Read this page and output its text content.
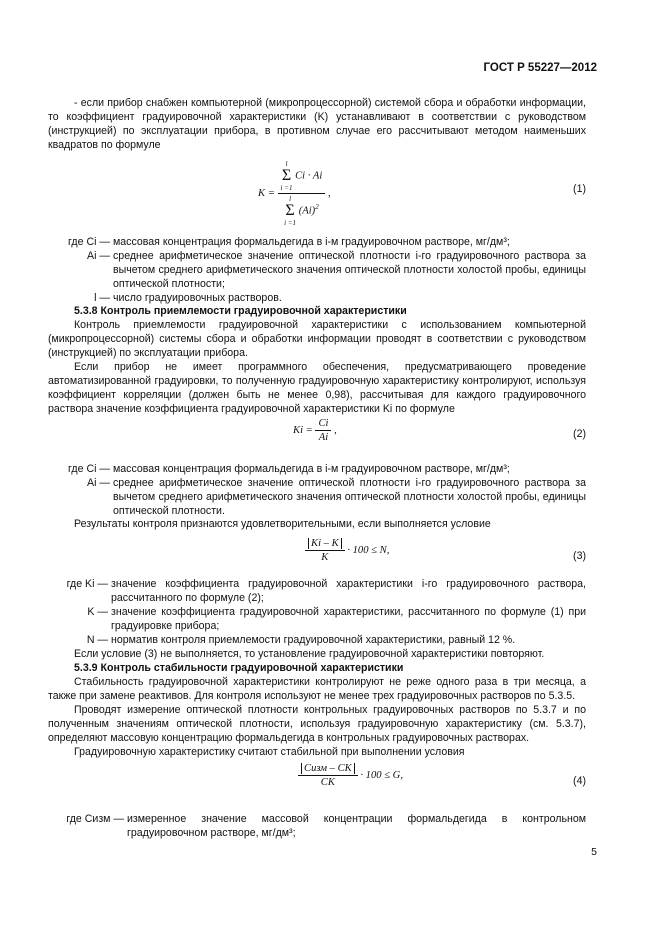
ГОСТ Р 55227—2012
- если прибор снабжен компьютерной (микропроцессорной) системой сбора и обработки информации, то коэффициент градуировочной характеристики (K) устанавливают в соответствии с руководством (инструкцией) по эксплуатации прибора, в противном случае его рассчитывают методом наименьших квадратов по формуле
K = l
Σ
i =1
Ci · Ai
l
Σ
i =1
$(Ai)^2$ ,	(1)
где Ci — массовая концентрация формальдегида в i-м градуировочном растворе, мг/дм³;
Ai — среднее арифметическое значение оптической плотности i-го градуировочного раствора за вычетом среднего арифметического значения оптической плотности холостой пробы, единицы оптической плотности;
l — число градуировочных растворов.
5.3.8 Контроль приемлемости градуировочной характеристики
Контроль приемлемости градуировочной характеристики с использованием компьютерной (микропроцессорной) системы сбора и обработки информации проводят в соответствии с руководством (инструкцией) по эксплуатации прибора.
Если прибор не имеет программного обеспечения, предусматривающего проведение автоматизированной градуировки, то полученную градуировочную характеристику контролируют, используя коэффициент корреляции (должен быть не менее 0,98), рассчитывая для каждого градуировочного раствора значение коэффициента градуировочной характеристики Ki по формуле
$Ki = \frac{Ci}{Ai}$ ,	(2)
где Ci — массовая концентрация формальдегида в i-м градуировочном растворе, мг/дм³;
Ai — среднее арифметическое значение оптической плотности i-го градуировочного раствора за вычетом среднего арифметического значения оптической плотности холостой пробы, единицы оптической плотности.
Результаты контроля признаются удовлетворительными, если выполняется условие
$\frac{Ki - K}{K} \cdot 100 \le N$,	(3)
где Ki — значение коэффициента градуировочной характеристики i-го градуировочного раствора, рассчитанного по формуле (2);
K — значение коэффициента градуировочной характеристики, рассчитанного по формуле (1) при градуировке прибора;
N — норматив контроля приемлемости градуировочной характеристики, равный 12 %.
Если условие (3) не выполняется, то установление градуировочной характеристики повторяют.
5.3.9 Контроль стабильности градуировочной характеристики
Стабильность градуировочной характеристики контролируют не реже одного раза в три месяца, а также при замене реактивов. Для контроля используют не менее трех градуировочных растворов по 5.3.5.
Проводят измерение оптической плотности контрольных градуировочных растворов по 5.3.7 и по полученным значениям оптической плотности, используя градуировочную характеристику (см. 5.3.7), определяют массовую концентрацию формальдегида в контрольных градуировочных растворах.
Градуировочную характеристику считают стабильной при выполнении условия
$\frac{\text{Cизм – CK}}{CK} \cdot 100 \le G$,	(4)
где Cизм — измеренное значение массовой концентрации формальдегида в контрольном градуировочном растворе, мг/дм³;
5
